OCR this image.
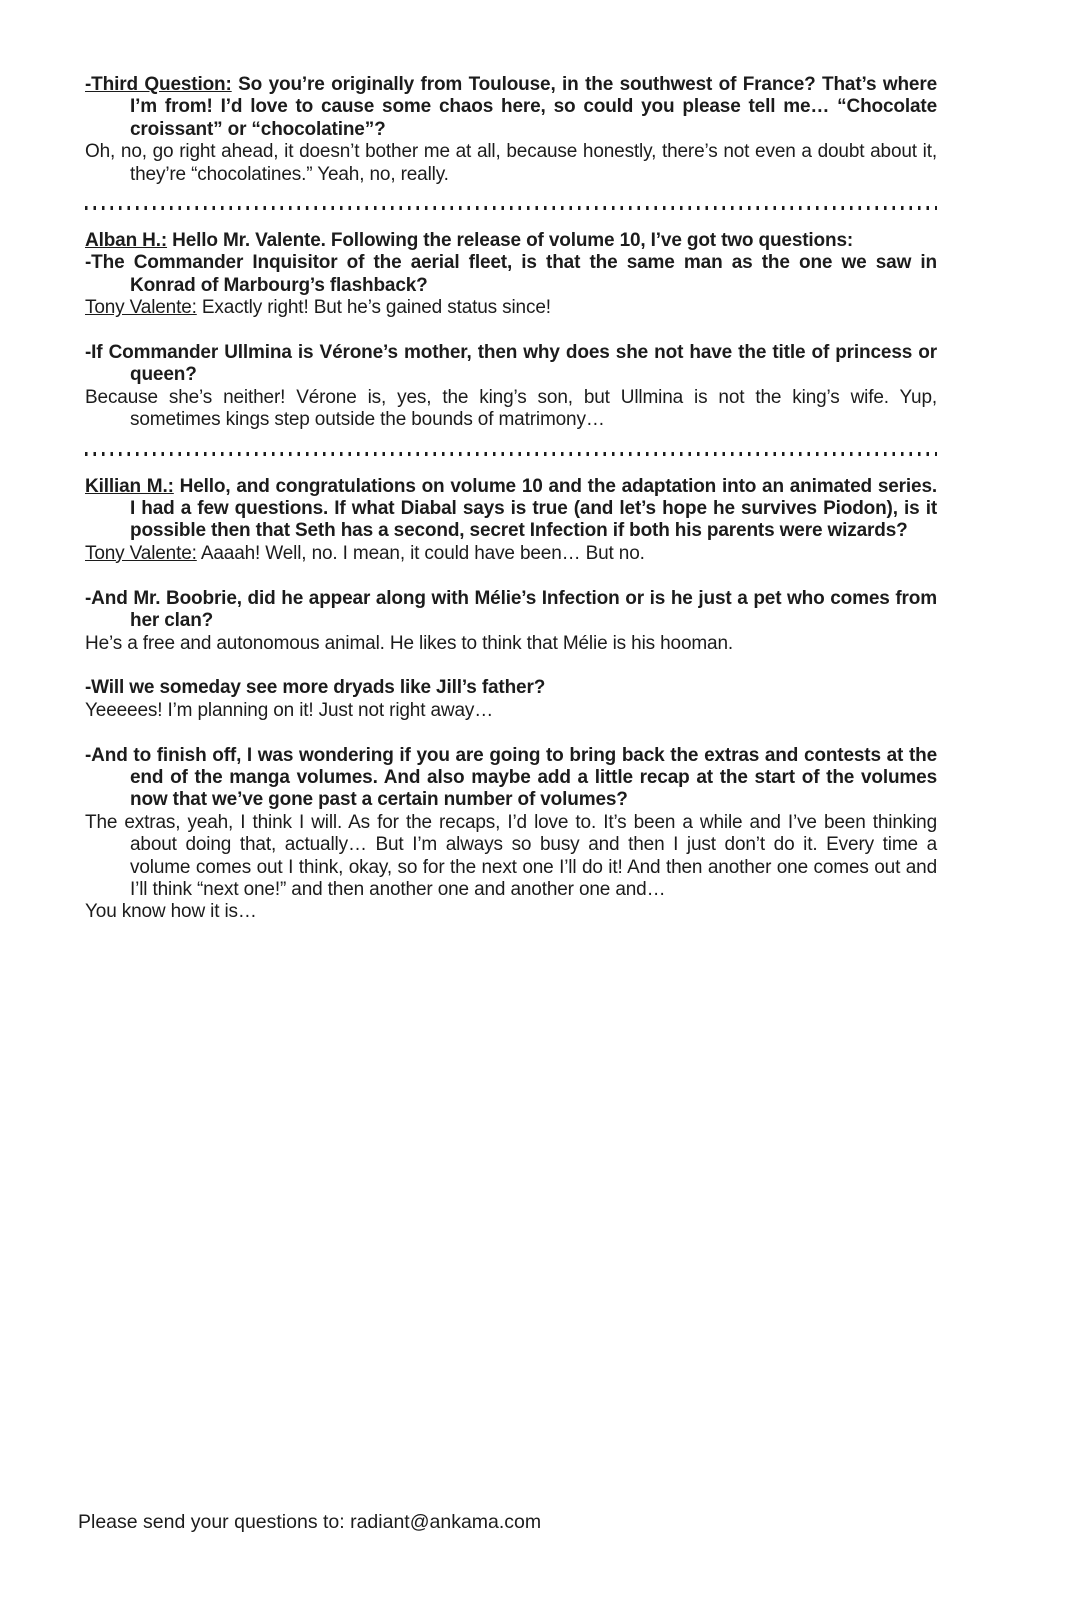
-Third Question: So you’re originally from Toulouse, in the southwest of France? That’s where I’m from! I’d love to cause some chaos here, so could you please tell me… “Chocolate croissant” or “chocolatine”?

Oh, no, go right ahead, it doesn’t bother me at all, because honestly, there’s not even a doubt about it, they’re “chocolatines.” Yeah, no, really.

Alban H.: Hello Mr. Valente. Following the release of volume 10, I’ve got two questions:

-The Commander Inquisitor of the aerial fleet, is that the same man as the one we saw in Konrad of Marbourg’s flashback?

Tony Valente: Exactly right! But he’s gained status since!

-If Commander Ullmina is Vérone’s mother, then why does she not have the title of princess or queen?

Because she’s neither! Vérone is, yes, the king’s son, but Ullmina is not the king’s wife. Yup, sometimes kings step outside the bounds of matrimony…

Killian M.: Hello, and congratulations on volume 10 and the adaptation into an animated series. I had a few questions. If what Diabal says is true (and let’s hope he survives Piodon), is it possible then that Seth has a second, secret Infection if both his parents were wizards?

Tony Valente: Aaaah! Well, no. I mean, it could have been… But no.

-And Mr. Boobrie, did he appear along with Mélie’s Infection or is he just a pet who comes from her clan?

He’s a free and autonomous animal. He likes to think that Mélie is his hooman.

-Will we someday see more dryads like Jill’s father?

Yeeeees! I’m planning on it! Just not right away…

-And to finish off, I was wondering if you are going to bring back the extras and contests at the end of the manga volumes. And also maybe add a little recap at the start of the volumes now that we’ve gone past a certain number of volumes?

The extras, yeah, I think I will. As for the recaps, I’d love to. It’s been a while and I’ve been thinking about doing that, actually… But I’m always so busy and then I just don’t do it. Every time a volume comes out I think, okay, so for the next one I’ll do it! And then another one comes out and I’ll think “next one!” and then another one and another one and…

You know how it is…

Please send your questions to: radiant@ankama.com
